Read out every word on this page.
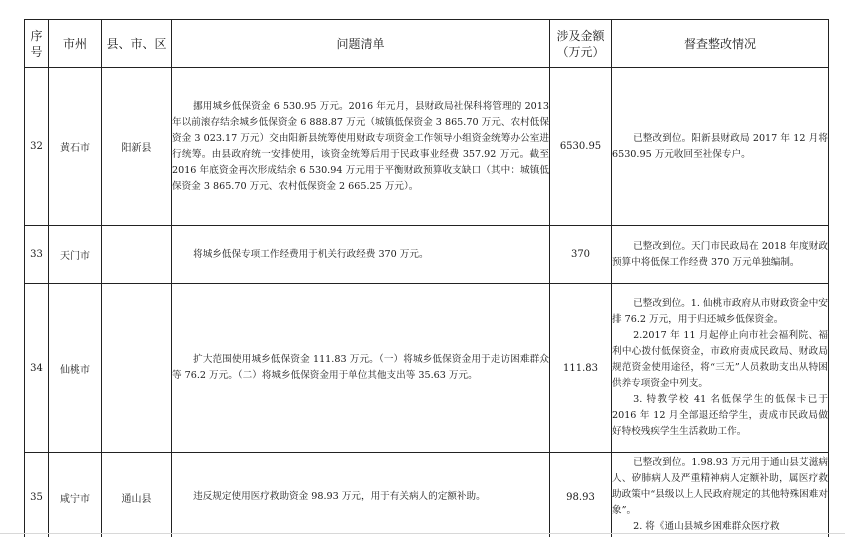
序号	市州	县、市、区	问题清单	涉及金额（万元）	督查整改情况
32	黄石市	阳新县	挪用城乡低保资金 6 530.95 万元。2016 年元月，县财政局社保科将管理的 2013 年以前滚存结余城乡低保资金 6 888.87 万元（城镇低保资金 3 865.70 万元、农村低保资金 3 023.17 万元）交由阳新县统筹使用财政专项资金工作领导小组资金统筹办公室进行统筹。由县政府统一安排使用，该资金统筹后用于民政事业经费 357.92 万元。截至 2016 年底资金再次形成结余 6 530.94 万元用于平衡财政预算收支缺口（其中：城镇低保资金 3 865.70 万元、农村低保资金 2 665.25 万元）。	6530.95	已整改到位。阳新县财政局 2017 年 12 月将 6530.95 万元收回至社保专户。

33	天门市		将城乡低保专项工作经费用于机关行政经费 370 万元。	370	已整改到位。天门市民政局在 2018 年度财政预算中将低保工作经费 370 万元单独编制。

34	仙桃市		扩大范围使用城乡低保资金 111.83 万元。（一）将城乡低保资金用于走访困难群众等 76.2 万元。（二）将城乡低保资金用于单位其他支出等 35.63 万元。	111.83	已整改到位。1. 仙桃市政府从市财政资金中安排 76.2 万元，用于归还城乡低保资金。
2.2017 年 11 月起停止向市社会福利院、福利中心拨付低保资金，市政府责成民政局、财政局规范资金使用途径，将“三无”人员救助支出从特困供养专项资金中列支。
3. 特教学校 41 名低保学生的低保卡已于 2016 年 12 月全部退还给学生，责成市民政局做好特校残疾学生生活救助工作。

35	咸宁市	通山县	违反规定使用医疗救助资金 98.93 万元，用于有关病人的定额补助。	98.93	已整改到位。1.98.93 万元用于通山县艾滋病人、矽肺病人及严重精神病人定额补助，属医疗救助政策中“县级以上人民政府规定的其他特殊困难对象”。
2. 将《通山县城乡困难群众医疗救
